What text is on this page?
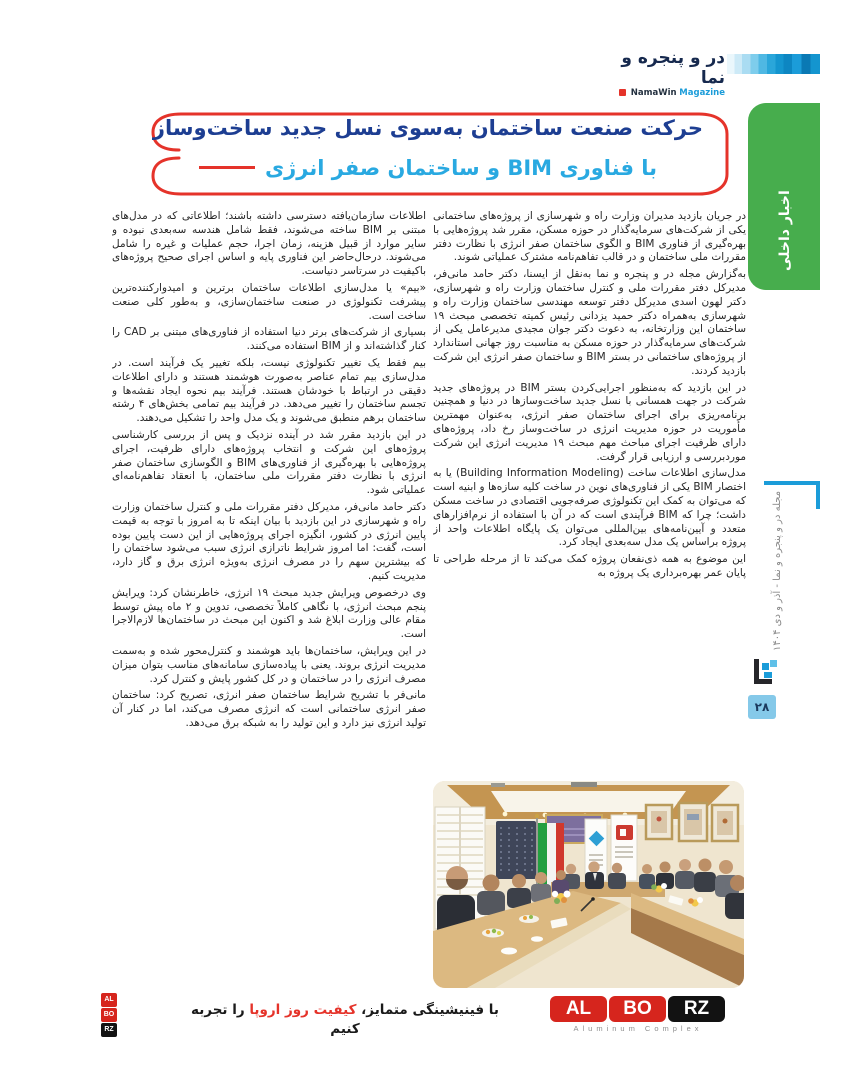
در و پنجره و نما
NamaWin Magazine
اخبار داخلی
حرکت صنعت ساختمان به‌سوی نسل جدید ساخت‌وساز
با فناوری BIM و ساختمان صفر انرژی

در جریان بازدید مدیران وزارت راه و شهرسازی از پروژه‌های ساختمانی یکی از شرکت‌های سرمایه‌گذار در حوزه مسکن، مقرر شد پروژه‌هایی با بهره‌گیری از فناوری BIM و الگوی ساختمان صفر انرژی با نظارت دفتر مقررات ملی ساختمان و در قالب تفاهم‌نامه مشترک عملیاتی شوند.

به‌گزارش مجله در و پنجره و نما به‌نقل از ایسنا، دکتر حامد مانی‌فر، مدیرکل دفتر مقررات ملی و کنترل ساختمان وزارت راه و شهرسازی، دکتر لهون اسدی مدیرکل دفتر توسعه مهندسی ساختمان وزارت راه و شهرسازی به‌همراه دکتر حمید یزدانی رئیس کمیته تخصصی مبحث ۱۹ ساختمان این وزارتخانه، به دعوت دکتر جوان مجیدی مدیرعامل یکی از شرکت‌های سرمایه‌گذار در حوزه مسکن به مناسبت روز جهانی استاندارد از پروژه‌های ساختمانی در بستر BIM و ساختمان صفر انرژی این شرکت بازدید کردند.

در این بازدید که به‌منظور اجرایی‌کردن بستر BIM در پروژه‌های جدید شرکت در جهت همسانی با نسل جدید ساخت‌وسازها در دنیا و همچنین برنامه‌ریزی برای اجرای ساختمان صفر انرژی، به‌عنوان مهمترین مأموریت در حوزه مدیریت انرژی در ساخت‌وساز رخ داد، پروژه‌های دارای ظرفیت اجرای مباحث مهم مبحث ۱۹ مدیریت انرژی این شرکت موردبررسی و ارزیابی قرار گرفت.

مدل‌سازی اطلاعات ساخت (Building Information Modeling) یا به اختصار BIM یکی از فناوری‌های نوین در ساخت کلیه سازه‌ها و ابنیه است که می‌توان به کمک این تکنولوژی صرفه‌جویی اقتصادی در ساخت مسکن داشت؛ چرا که BIM فرآیندی است که در آن با استفاده از نرم‌افزارهای متعدد و آیین‌نامه‌های بین‌المللی می‌توان یک پایگاه اطلاعات واحد از پروژه براساس یک مدل سه‌بعدی ایجاد کرد.

این موضوع به همه ذی‌نفعان پروژه کمک می‌کند تا از مرحله طراحی تا پایان عمر بهره‌برداری یک پروژه به

اطلاعات سازمان‌یافته دسترسی داشته باشند؛ اطلاعاتی که در مدل‌های مبتنی بر BIM ساخته می‌شوند، فقط شامل هندسه سه‌بعدی نبوده و سایر موارد از قبیل هزینه، زمان اجرا، حجم عملیات و غیره را شامل می‌شوند. درحال‌حاضر این فناوری پایه و اساس اجرای صحیح پروژه‌های باکیفیت در سرتاسر دنیاست.

«بیم» یا مدل‌سازی اطلاعات ساختمان برترین و امیدوارکننده‌ترین پیشرفت تکنولوژی در صنعت ساختمان‌سازی، و به‌طور کلی صنعت ساخت است.

بسیاری از شرکت‌های برتر دنیا استفاده از فناوری‌های مبتنی بر CAD را کنار گذاشته‌اند و از BIM استفاده می‌کنند.

بیم فقط یک تغییر تکنولوژی نیست، بلکه تغییر یک فرآیند است. در مدل‌سازی بیم تمام عناصر به‌صورت هوشمند هستند و دارای اطلاعات دقیقی در ارتباط با خودشان هستند. فرآیند بیم نحوه ایجاد نقشه‌ها و تجسم ساختمان را تغییر می‌دهد. در فرآیند بیم تمامی بخش‌های ۴ رشته ساختمان برهم منطبق می‌شوند و یک مدل واحد را تشکیل می‌دهند.

در این بازدید مقرر شد در آینده نزدیک و پس از بررسی کارشناسی پروژه‌های این شرکت و انتخاب پروژه‌های دارای ظرفیت، اجرای پروژه‌هایی با بهره‌گیری از فناوری‌های BIM و الگوسازی ساختمان صفر انرژی با نظارت دفتر مقررات ملی ساختمان، با انعقاد تفاهم‌نامه‌ای عملیاتی شود.

دکتر حامد مانی‌فر، مدیرکل دفتر مقررات ملی و کنترل ساختمان وزارت راه و شهرسازی در این بازدید با بیان اینکه تا به امروز با توجه به قیمت پایین انرژی در کشور، انگیزه اجرای پروژه‌هایی از این دست پایین بوده است، گفت: اما امروز شرایط ناترازی انرژی سبب می‌شود ساختمان را که بیشترین سهم را در مصرف انرژی به‌ویژه انرژی برق و گاز دارد، مدیریت کنیم.

وی درخصوص ویرایش جدید مبحث ۱۹ انرژی، خاطرنشان کرد: ویرایش پنجم مبحث انرژی، با نگاهی کاملاً تخصصی، تدوین و ۲ ماه پیش توسط مقام عالی وزارت ابلاغ شد و اکنون این مبحث در ساختمان‌ها لازم‌الاجرا است.

در این ویرایش، ساختمان‌ها باید هوشمند و کنترل‌محور شده و به‌سمت مدیریت انرژی بروند. یعنی با پیاده‌سازی سامانه‌های مناسب بتوان میزان مصرف انرژی را در ساختمان و در کل کشور پایش و کنترل کرد.

مانی‌فر با تشریح شرایط ساختمان صفر انرژی، تصریح کرد: ساختمان صفر انرژی ساختمانی است که انرژی مصرف می‌کند، اما در کنار آن تولید انرژی نیز دارد و این تولید را به شبکه برق می‌دهد.

مجله در و پنجره و نما - آذر و دی ۱۴۰۴
۲۸
AL
BO
RZ
با فینیشینگی متمایز، کیفیت روز اروپا را تجربه کنیم
AL	BO	RZ
Aluminum Complex
